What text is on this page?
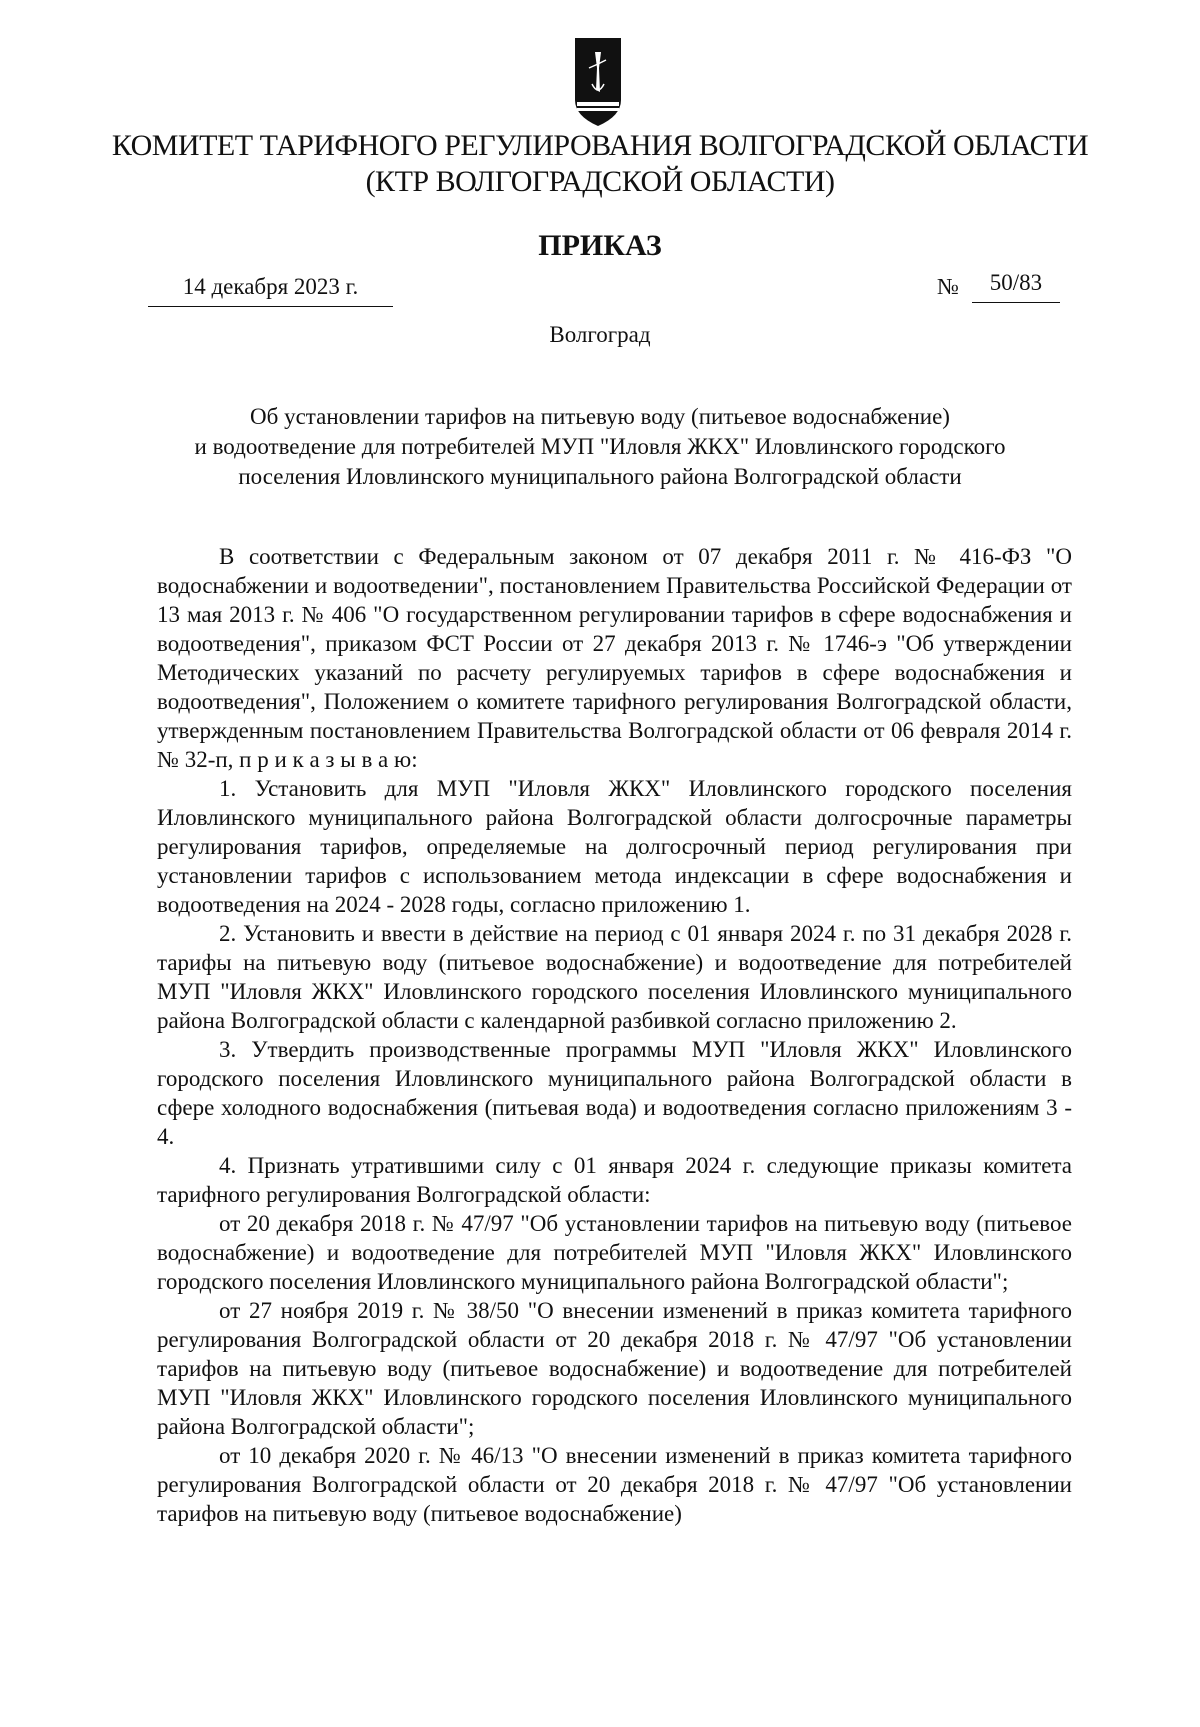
КОМИТЕТ ТАРИФНОГО РЕГУЛИРОВАНИЯ ВОЛГОГРАДСКОЙ ОБЛАСТИ
(КТР ВОЛГОГРАДСКОЙ ОБЛАСТИ)
ПРИКАЗ
14 декабря 2023 г.	№	50/83
Волгоград
Об установлении тарифов на питьевую воду (питьевое водоснабжение)
и водоотведение для потребителей МУП "Иловля ЖКХ" Иловлинского городского
поселения Иловлинского муниципального района Волгоградской области

В соответствии с Федеральным законом от 07 декабря 2011 г. № 416-ФЗ "О водоснабжении и водоотведении", постановлением Правительства Российской Федерации от 13 мая 2013 г. № 406 "О государственном регулировании тарифов в сфере водоснабжения и водоотведения", приказом ФСТ России от 27 декабря 2013 г. № 1746-э "Об утверждении Методических указаний по расчету регулируемых тарифов в сфере водоснабжения и водоотведения", Положением о комитете тарифного регулирования Волгоградской области, утвержденным постановлением Правительства Волгоградской области от 06 февраля 2014 г. № 32-п, п р и к а з ы в а ю:

1. Установить для МУП "Иловля ЖКХ" Иловлинского городского поселения Иловлинского муниципального района Волгоградской области долгосрочные параметры регулирования тарифов, определяемые на долгосрочный период регулирования при установлении тарифов с использованием метода индексации в сфере водоснабжения и водоотведения на 2024 - 2028 годы, согласно приложению 1.

2. Установить и ввести в действие на период с 01 января 2024 г. по 31 декабря 2028 г. тарифы на питьевую воду (питьевое водоснабжение) и водоотведение для потребителей МУП "Иловля ЖКХ" Иловлинского городского поселения Иловлинского муниципального района Волгоградской области с календарной разбивкой согласно приложению 2.

3. Утвердить производственные программы МУП "Иловля ЖКХ" Иловлинского городского поселения Иловлинского муниципального района Волгоградской области в сфере холодного водоснабжения (питьевая вода) и водоотведения согласно приложениям 3 - 4.

4. Признать утратившими силу с 01 января 2024 г. следующие приказы комитета тарифного регулирования Волгоградской области:

от 20 декабря 2018 г. № 47/97 "Об установлении тарифов на питьевую воду (питьевое водоснабжение) и водоотведение для потребителей МУП "Иловля ЖКХ" Иловлинского городского поселения Иловлинского муниципального района Волгоградской области";

от 27 ноября 2019 г. № 38/50 "О внесении изменений в приказ комитета тарифного регулирования Волгоградской области от 20 декабря 2018 г. № 47/97 "Об установлении тарифов на питьевую воду (питьевое водоснабжение) и водоотведение для потребителей МУП "Иловля ЖКХ" Иловлинского городского поселения Иловлинского муниципального района Волгоградской области";

от 10 декабря 2020 г. № 46/13 "О внесении изменений в приказ комитета тарифного регулирования Волгоградской области от 20 декабря 2018 г. № 47/97 "Об установлении тарифов на питьевую воду (питьевое водоснабжение)
